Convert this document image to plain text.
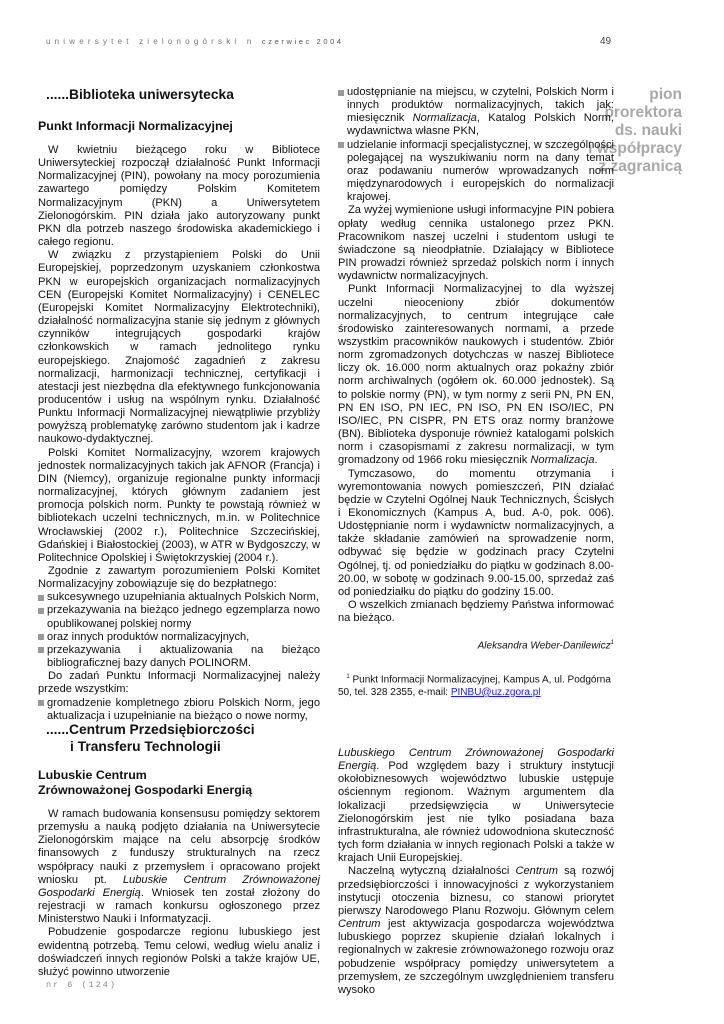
uniwersytet zielonogórski n czerwiec 2004	49
pion
prorektora
ds. nauki
i współpracy
z zagranicą
......Biblioteka uniwersytecka
Punkt Informacji Normalizacyjnej

W kwietniu bieżącego roku w Bibliotece Uniwersyteckiej rozpoczął działalność Punkt Informacji Normalizacyjnej (PIN), powołany na mocy porozumienia zawartego pomiędzy Polskim Komitetem Normalizacyjnym (PKN) a Uniwersytetem Zielonogórskim. PIN działa jako autoryzowany punkt PKN dla potrzeb naszego środowiska akademickiego i całego regionu.

W związku z przystąpieniem Polski do Unii Europejskiej, poprzedzonym uzyskaniem członkostwa PKN w europejskich organizacjach normalizacyjnych CEN (Europejski Komitet Normalizacyjny) i CENELEC (Europejski Komitet Normalizacyjny Elektrotechniki), działalność normalizacyjna stanie się jednym z głównych czynników integrujących gospodarki krajów członkowskich w ramach jednolitego rynku europejskiego. Znajomość zagadnień z zakresu normalizacji, harmonizacji technicznej, certyfikacji i atestacji jest niezbędna dla efektywnego funkcjonowania producentów i usług na wspólnym rynku. Działalność Punktu Informacji Normalizacyjnej niewątpliwie przybliży powyższą problematykę zarówno studentom jak i kadrze naukowo-dydaktycznej.

Polski Komitet Normalizacyjny, wzorem krajowych jednostek normalizacyjnych takich jak AFNOR (Francja) i DIN (Niemcy), organizuje regionalne punkty informacji normalizacyjnej, których głównym zadaniem jest promocja polskich norm. Punkty te powstają również w bibliotekach uczelni technicznych, m.in. w Politechnice Wrocławskiej (2002 r.), Politechnice Szczecińskiej, Gdańskiej i Białostockiej (2003), w ATR w Bydgoszczy, w Politechnice Opolskiej i Świętokrzyskiej (2004 r.).

Zgodnie z zawartym porozumieniem Polski Komitet Normalizacyjny zobowiązuje się do bezpłatnego:

sukcesywnego uzupełniania aktualnych Polskich Norm,
przekazywania na bieżąco jednego egzemplarza nowo opublikowanej polskiej normy
oraz innych produktów normalizacyjnych,
przekazywania i aktualizowania na bieżąco bibliograficznej bazy danych POLINORM.

Do zadań Punktu Informacji Normalizacyjnej należy przede wszystkim:

gromadzenie kompletnego zbioru Polskich Norm, jego aktualizacja i uzupełnianie na bieżąco o nowe normy,
udostępnianie na miejscu, w czytelni, Polskich Norm i innych produktów normalizacyjnych, takich jak: miesięcznik Normalizacja, Katalog Polskich Norm, wydawnictwa własne PKN,
udzielanie informacji specjalistycznej, w szczególności polegającej na wyszukiwaniu norm na dany temat oraz podawaniu numerów wprowadzanych norm międzynarodowych i europejskich do normalizacji krajowej.

Za wyżej wymienione usługi informacyjne PIN pobiera opłaty według cennika ustalonego przez PKN. Pracownikom naszej uczelni i studentom usługi te świadczone są nieodpłatnie. Działający w Bibliotece PIN prowadzi również sprzedaż polskich norm i innych wydawnictw normalizacyjnych.

Punkt Informacji Normalizacyjnej to dla wyższej uczelni nieoceniony zbiór dokumentów normalizacyjnych, to centrum integrujące całe środowisko zainteresowanych normami, a przede wszystkim pracowników naukowych i studentów. Zbiór norm zgromadzonych dotychczas w naszej Bibliotece liczy ok. 16.000 norm aktualnych oraz pokaźny zbiór norm archiwalnych (ogółem ok. 60.000 jednostek). Są to polskie normy (PN), w tym normy z serii PN, PN EN, PN EN ISO, PN IEC, PN ISO, PN EN ISO/IEC, PN ISO/IEC, PN CISPR, PN ETS oraz normy branżowe (BN). Biblioteka dysponuje również katalogami polskich norm i czasopismami z zakresu normalizacji, w tym gromadzony od 1966 roku miesięcznik Normalizacja.

Tymczasowo, do momentu otrzymania i wyremontowania nowych pomieszczeń, PIN działać będzie w Czytelni Ogólnej Nauk Technicznych, Ścisłych i Ekonomicznych (Kampus A, bud. A-0, pok. 006). Udostępnianie norm i wydawnictw normalizacyjnych, a także składanie zamówień na sprowadzenie norm, odbywać się będzie w godzinach pracy Czytelni Ogólnej, tj. od poniedziałku do piątku w godzinach 8.00-20.00, w sobotę w godzinach 9.00-15.00, sprzedaż zaś od poniedziałku do piątku do godziny 15.00.

O wszelkich zmianach będziemy Państwa informować na bieżąco.

Aleksandra Weber-Danilewicz$^1$
$^1$ Punkt Informacji Normalizacyjnej, Kampus A, ul. Podgórna 50, tel. 328 2355, e-mail: PINBU@uz.zgora.pl
......Centrum Przedsiębiorczości
i Transferu Technologii
Lubuskie Centrum
Zrównoważonej Gospodarki Energią

W ramach budowania konsensusu pomiędzy sektorem przemysłu a nauką podjęto działania na Uniwersytecie Zielonogórskim mające na celu absorpcję środków finansowych z funduszy strukturalnych na rzecz współpracy nauki z przemysłem i opracowano projekt wniosku pt. Lubuskie Centrum Zrównoważonej Gospodarki Energią. Wniosek ten został złożony do rejestracji w ramach konkursu ogłoszonego przez Ministerstwo Nauki i Informatyzacji.

Pobudzenie gospodarcze regionu lubuskiego jest ewidentną potrzebą. Temu celowi, według wielu analiz i doświadczeń innych regionów Polski a także krajów UE, służyć powinno utworzenie

Lubuskiego Centrum Zrównoważonej Gospodarki Energią. Pod względem bazy i struktury instytucji okołobiznesowych województwo lubuskie ustępuje ościennym regionom. Ważnym argumentem dla lokalizacji przedsięwzięcia w Uniwersytecie Zielonogórskim jest nie tylko posiadana baza infrastrukturalna, ale również udowodniona skuteczność tych form działania w innych regionach Polski a także w krajach Unii Europejskiej.

Naczelną wytyczną działalności Centrum są rozwój przedsiębiorczości i innowacyjności z wykorzystaniem instytucji otoczenia biznesu, co stanowi priorytet pierwszy Narodowego Planu Rozwoju. Głównym celem Centrum jest aktywizacja gospodarcza województwa lubuskiego poprzez skupienie działań lokalnych i regionalnych w zakresie zrównoważonego rozwoju oraz pobudzenie współpracy pomiędzy uniwersytetem a przemysłem, ze szczególnym uwzględnieniem transferu wysoko

nr 6 (124)
